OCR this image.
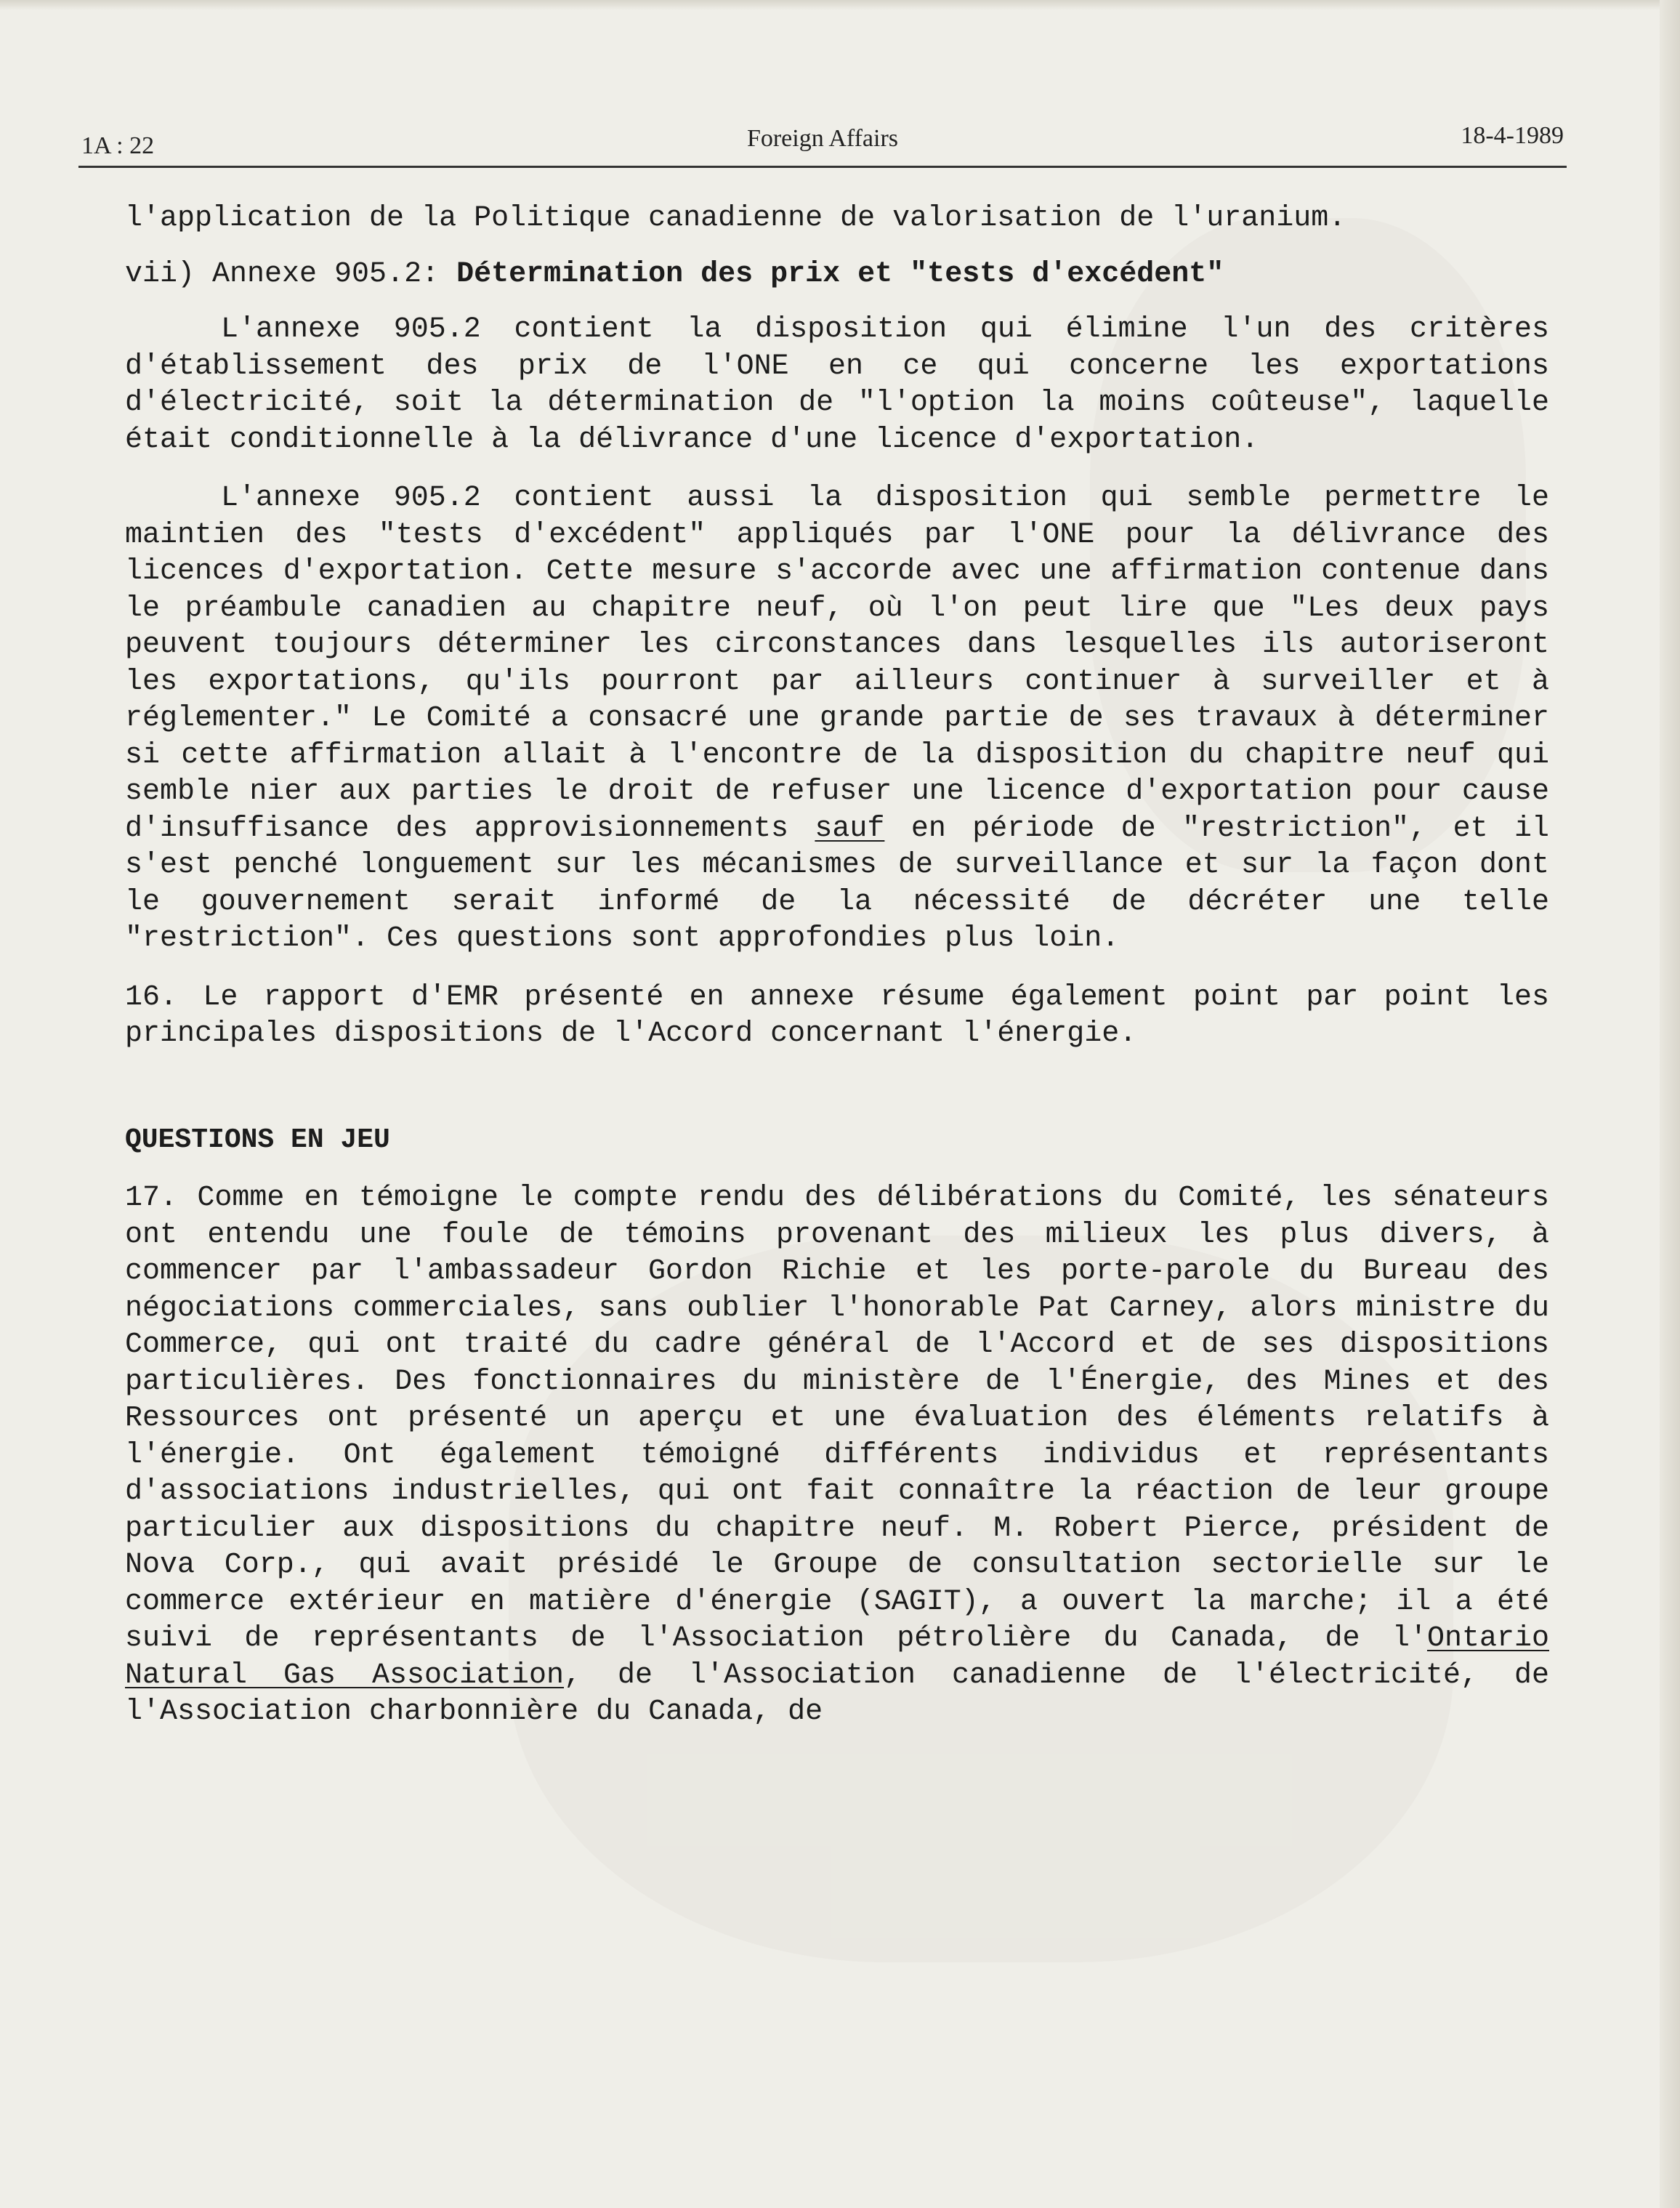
1A : 22	Foreign Affairs	18-4-1989

l'application de la Politique canadienne de valorisation de l'uranium.

vii) Annexe 905.2: Détermination des prix et "tests d'excédent"

L'annexe 905.2 contient la disposition qui élimine l'un des critères d'établissement des prix de l'ONE en ce qui concerne les exportations d'électricité, soit la détermination de "l'option la moins coûteuse", laquelle était conditionnelle à la délivrance d'une licence d'exportation.

L'annexe 905.2 contient aussi la disposition qui semble permettre le maintien des "tests d'excédent" appliqués par l'ONE pour la délivrance des licences d'exportation. Cette mesure s'accorde avec une affirmation contenue dans le préambule canadien au chapitre neuf, où l'on peut lire que "Les deux pays peuvent toujours déterminer les circonstances dans lesquelles ils autoriseront les exportations, qu'ils pourront par ailleurs continuer à surveiller et à réglementer." Le Comité a consacré une grande partie de ses travaux à déterminer si cette affirmation allait à l'encontre de la disposition du chapitre neuf qui semble nier aux parties le droit de refuser une licence d'exportation pour cause d'insuffisance des approvisionnements sauf en période de "restriction", et il s'est penché longuement sur les mécanismes de surveillance et sur la façon dont le gouvernement serait informé de la nécessité de décréter une telle "restriction". Ces questions sont approfondies plus loin.

16. Le rapport d'EMR présenté en annexe résume également point par point les principales dispositions de l'Accord concernant l'énergie.

QUESTIONS EN JEU

17. Comme en témoigne le compte rendu des délibérations du Comité, les sénateurs ont entendu une foule de témoins provenant des milieux les plus divers, à commencer par l'ambassadeur Gordon Richie et les porte-parole du Bureau des négociations commerciales, sans oublier l'honorable Pat Carney, alors ministre du Commerce, qui ont traité du cadre général de l'Accord et de ses dispositions particulières. Des fonctionnaires du ministère de l'Énergie, des Mines et des Ressources ont présenté un aperçu et une évaluation des éléments relatifs à l'énergie. Ont également témoigné différents individus et représentants d'associations industrielles, qui ont fait connaître la réaction de leur groupe particulier aux dispositions du chapitre neuf. M. Robert Pierce, président de Nova Corp., qui avait présidé le Groupe de consultation sectorielle sur le commerce extérieur en matière d'énergie (SAGIT), a ouvert la marche; il a été suivi de représentants de l'Association pétrolière du Canada, de l'Ontario Natural Gas Association, de l'Association canadienne de l'électricité, de l'Association charbonnière du Canada, de
